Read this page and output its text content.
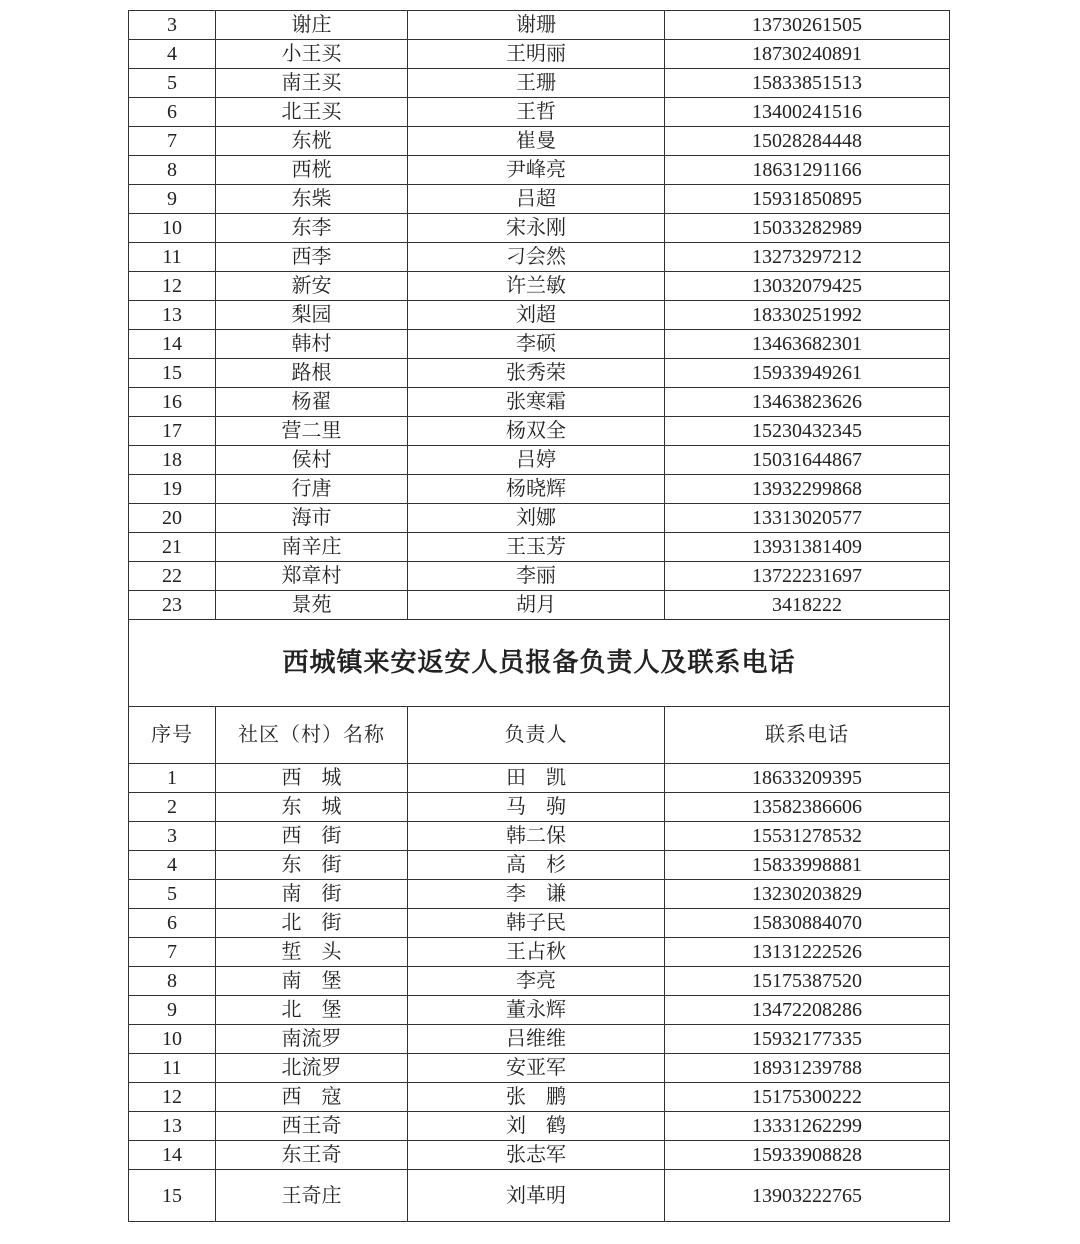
3	谢庄	谢珊	13730261505
4	小王买	王明丽	18730240891
5	南王买	王珊	15833851513
6	北王买	王哲	13400241516
7	东桄	崔曼	15028284448
8	西桄	尹峰亮	18631291166
9	东柴	吕超	15931850895
10	东李	宋永刚	15033282989
11	西李	刁会然	13273297212
12	新安	许兰敏	13032079425
13	梨园	刘超	18330251992
14	韩村	李硕	13463682301
15	路根	张秀荣	15933949261
16	杨翟	张寒霜	13463823626
17	营二里	杨双全	15230432345
18	侯村	吕婷	15031644867
19	行唐	杨晓辉	13932299868
20	海市	刘娜	13313020577
21	南辛庄	王玉芳	13931381409
22	郑章村	李丽	13722231697
23	景苑	胡月	3418222
西城镇来安返安人员报备负责人及联系电话			
序号	社区（村）名称	负责人	联系电话
1	西　城	田　凯	18633209395
2	东　城	马　驹	13582386606
3	西　街	韩二保	15531278532
4	东　街	高　杉	15833998881
5	南　街	李　谦	13230203829
6	北　街	韩子民	15830884070
7	埑　头	王占秋	13131222526
8	南　堡	李亮	15175387520
9	北　堡	董永辉	13472208286
10	南流罗	吕维维	15932177335
11	北流罗	安亚军	18931239788
12	西　寇	张　鹏	15175300222
13	西王奇	刘　鹤	13331262299
14	东王奇	张志军	15933908828
15	王奇庄	刘革明	13903222765
